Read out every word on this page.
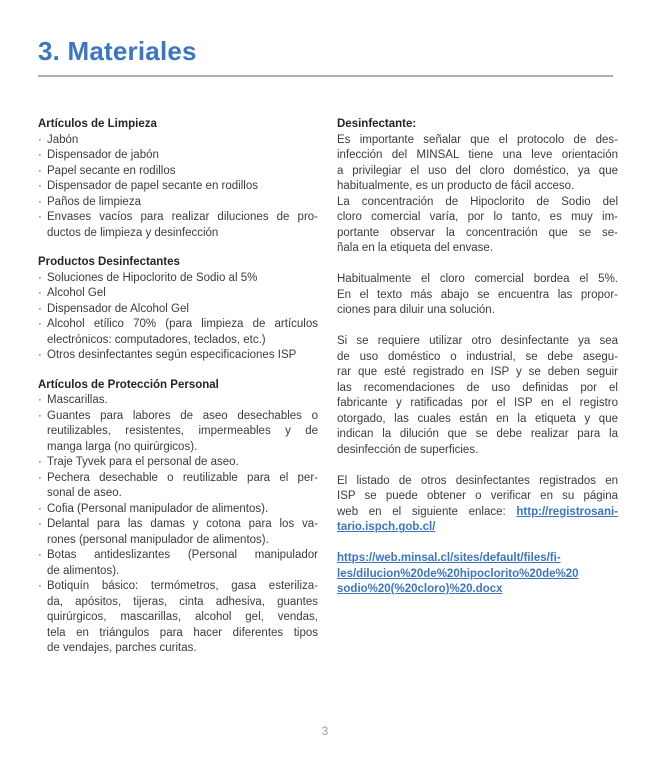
3. Materiales
Artículos de Limpieza
· Jabón
· Dispensador de jabón
· Papel secante en rodillos
· Dispensador de papel secante en rodillos
· Paños de limpieza
· Envases vacíos para realizar diluciones de pro-
ductos de limpieza y desinfección
Productos Desinfectantes
· Soluciones de Hipoclorito de Sodio al 5%
· Alcohol Gel
· Dispensador de Alcohol Gel
· Alcohol etílico 70% (para limpieza de artículos
electrónicos: computadores, teclados, etc.)
· Otros desinfectantes según especificaciones ISP
Artículos de Protección Personal
· Mascarillas.
· Guantes para labores de aseo desechables o
reutilizables, resistentes, impermeables y de
manga larga (no quirúrgicos).
· Traje Tyvek para el personal de aseo.
· Pechera desechable o reutilizable para el per-
sonal de aseo.
· Cofia (Personal manipulador de alimentos).
· Delantal para las damas y cotona para los va-
rones (personal manipulador de alimentos).
· Botas antideslizantes (Personal manipulador
de alimentos).
· Botiquín básico: termómetros, gasa esteriliza-
da, apósitos, tijeras, cinta adhesiva, guantes
quirúrgicos, mascarillas, alcohol gel, vendas,
tela en triángulos para hacer diferentes tipos
de vendajes, parches curitas.
Desinfectante:
Es importante señalar que el protocolo de des-
infección del MINSAL tiene una leve orientación
a privilegiar el uso del cloro doméstico, ya que
habitualmente, es un producto de fácil acceso.
La concentración de Hipoclorito de Sodio del
cloro comercial varía, por lo tanto, es muy im-
portante observar la concentración que se se-
ñala en la etiqueta del envase.
Habitualmente el cloro comercial bordea el 5%.
En el texto más abajo se encuentra las propor-
ciones para diluir una solución.
Si se requiere utilizar otro desinfectante ya sea
de uso doméstico o industrial, se debe asegu-
rar que esté registrado en ISP y se deben seguir
las recomendaciones de uso definidas por el
fabricante y ratificadas por el ISP en el registro
otorgado, las cuales están en la etiqueta y que
indican la dilución que se debe realizar para la
desinfección de superficies.
El listado de otros desinfectantes registrados en
ISP se puede obtener o verificar en su página
web en el siguiente enlace: http://registrosani-
tario.ispch.gob.cl/
https://web.minsal.cl/sites/default/files/fi-
les/dilucion%20de%20hipoclorito%20de%20
sodio%20(%20cloro)%20.docx
3
